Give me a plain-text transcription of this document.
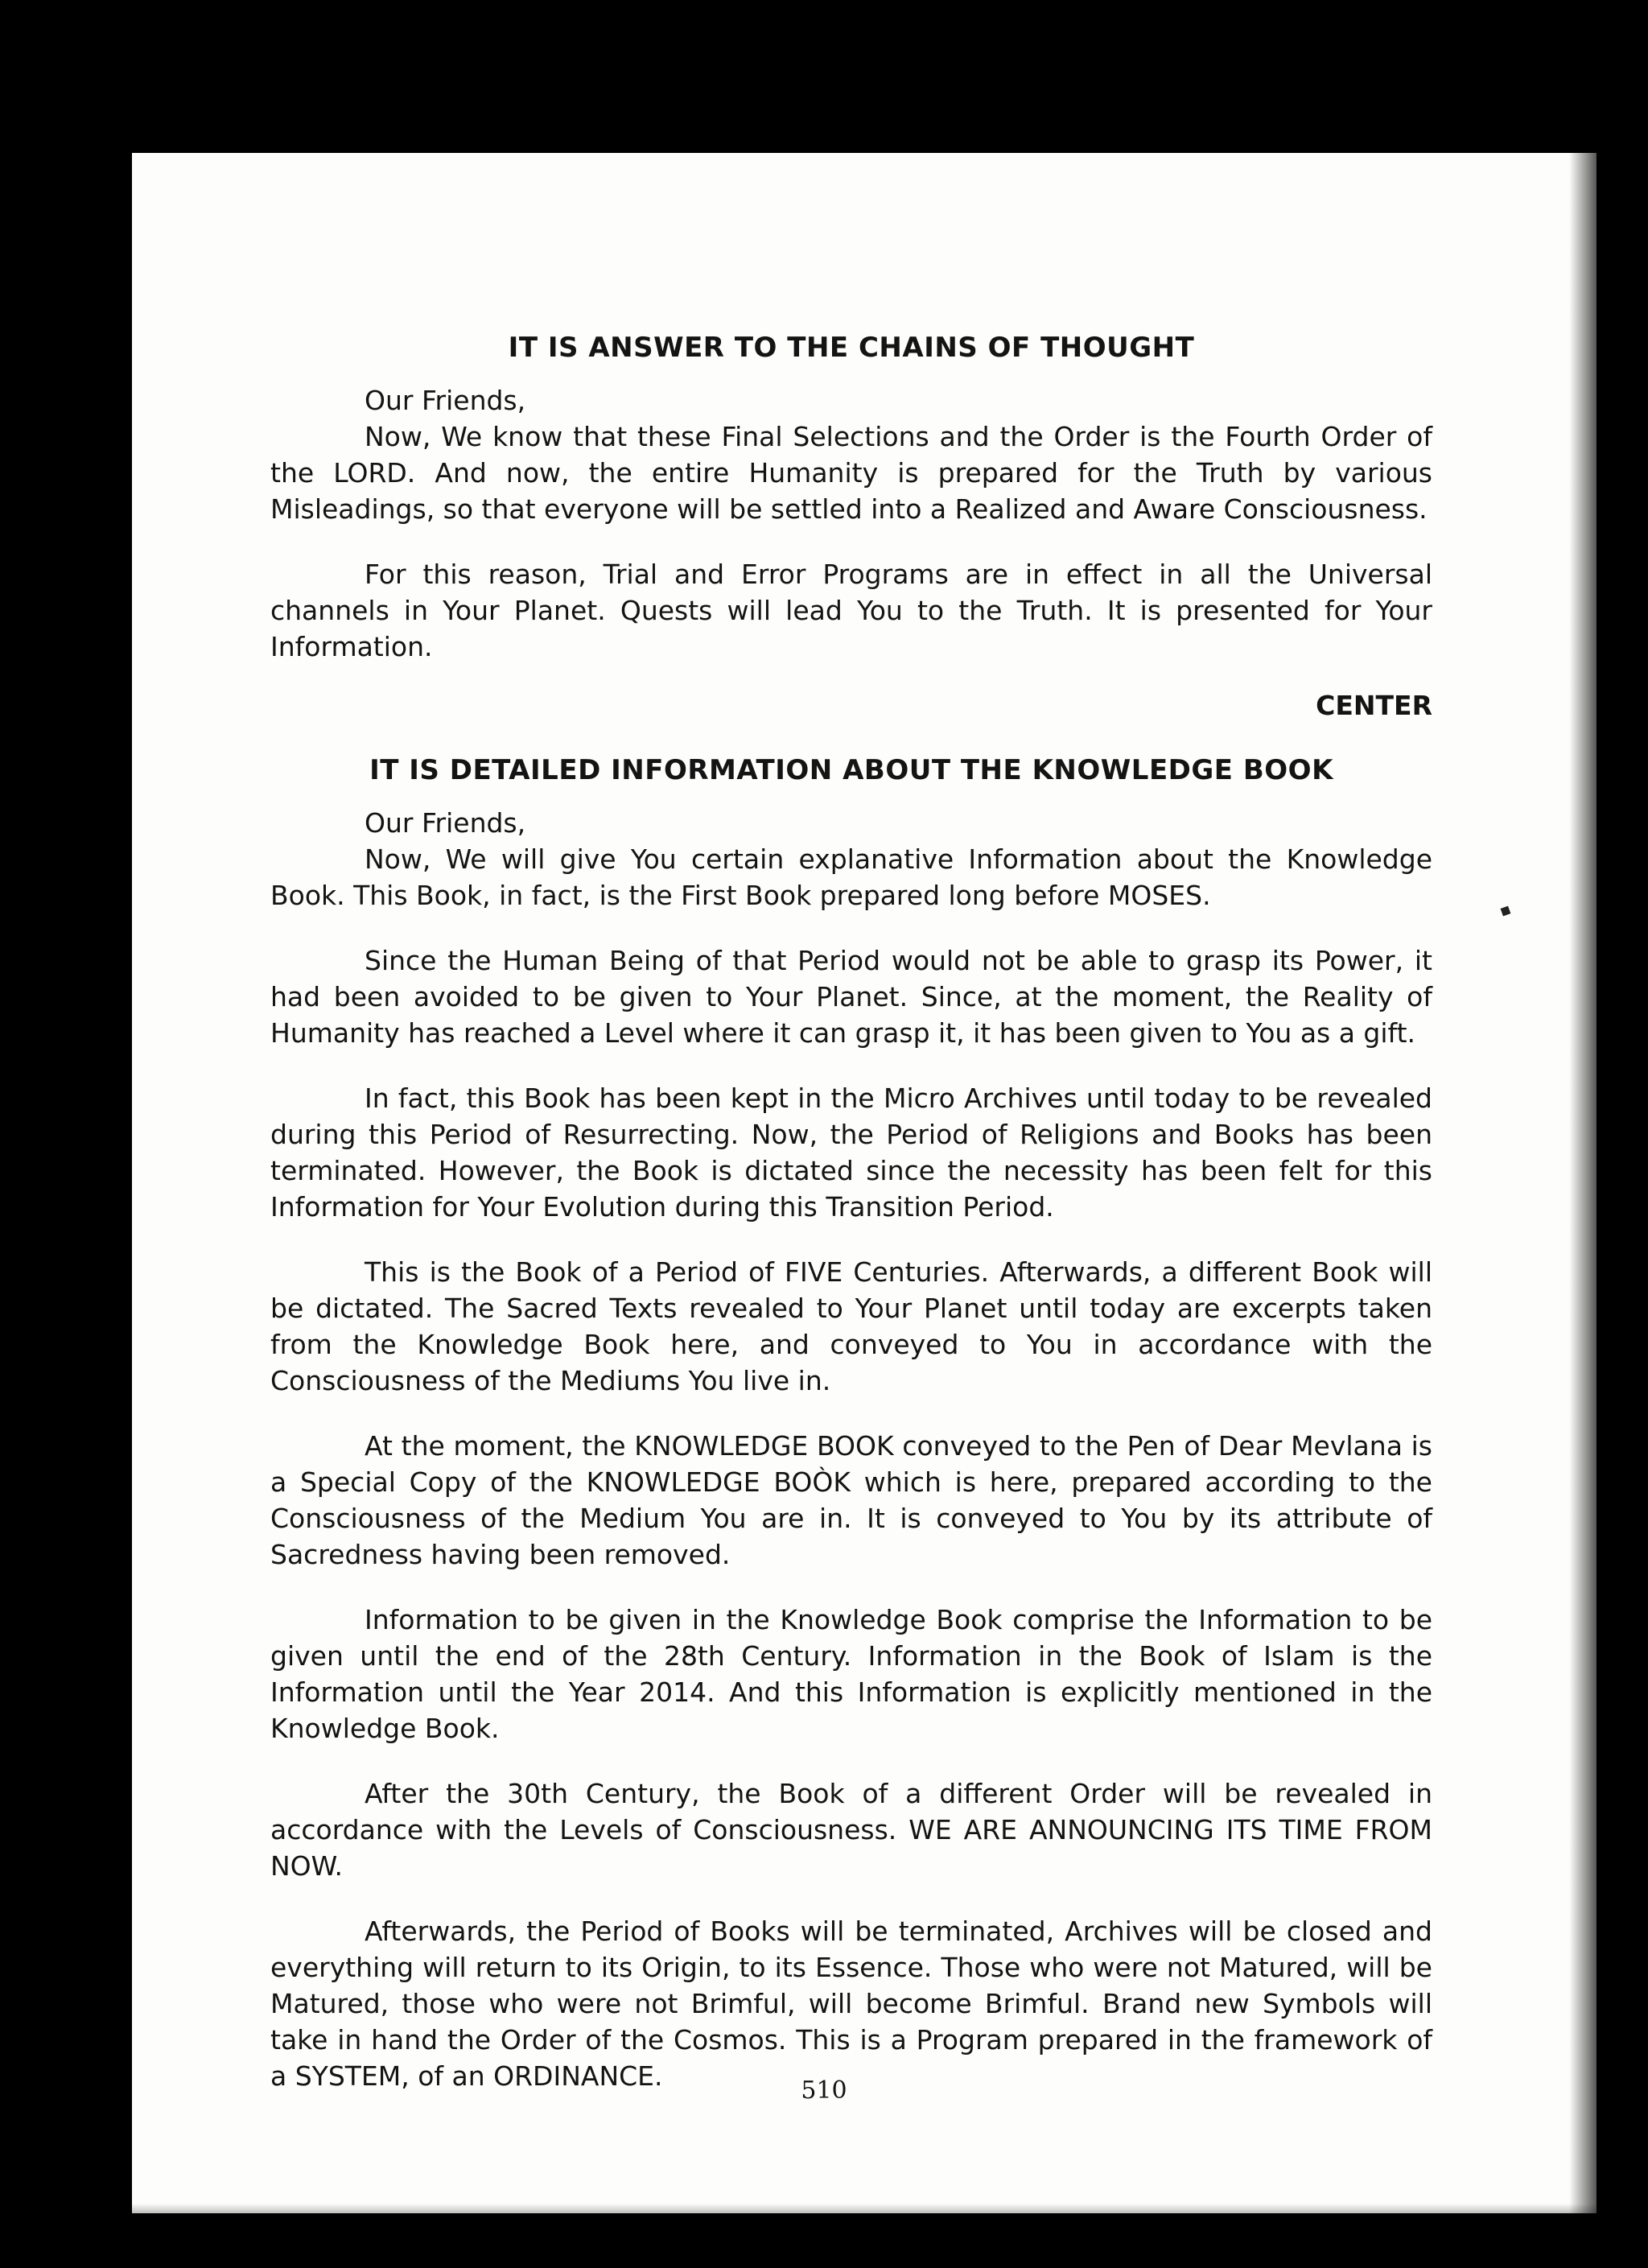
IT IS ANSWER TO THE CHAINS OF THOUGHT
Our Friends,

Now, We know that these Final Selections and the Order is the Fourth Order of the LORD. And now, the entire Humanity is prepared for the Truth by various Misleadings, so that everyone will be settled into a Realized and Aware Consciousness.

For this reason, Trial and Error Programs are in effect in all the Universal channels in Your Planet. Quests will lead You to the Truth. It is presented for Your Information.

CENTER
IT IS DETAILED INFORMATION ABOUT THE KNOWLEDGE BOOK
Our Friends,

Now, We will give You certain explanative Information about the Knowledge Book. This Book, in fact, is the First Book prepared long before MOSES.

Since the Human Being of that Period would not be able to grasp its Power, it had been avoided to be given to Your Planet. Since, at the moment, the Reality of Humanity has reached a Level where it can grasp it, it has been given to You as a gift.

In fact, this Book has been kept in the Micro Archives until today to be revealed during this Period of Resurrecting. Now, the Period of Religions and Books has been terminated. However, the Book is dictated since the necessity has been felt for this Information for Your Evolution during this Transition Period.

This is the Book of a Period of FIVE Centuries. Afterwards, a different Book will be dictated. The Sacred Texts revealed to Your Planet until today are excerpts taken from the Knowledge Book here, and conveyed to You in accordance with the Consciousness of the Mediums You live in.

At the moment, the KNOWLEDGE BOOK conveyed to the Pen of Dear Mevlana is a Special Copy of the KNOWLEDGE BOÒK which is here, prepared according to the Consciousness of the Medium You are in. It is conveyed to You by its attribute of Sacredness having been removed.

Information to be given in the Knowledge Book comprise the Information to be given until the end of the 28th Century. Information in the Book of Islam is the Information until the Year 2014. And this Information is explicitly mentioned in the Knowledge Book.

After the 30th Century, the Book of a different Order will be revealed in accordance with the Levels of Consciousness. WE ARE ANNOUNCING ITS TIME FROM NOW.

Afterwards, the Period of Books will be terminated, Archives will be closed and everything will return to its Origin, to its Essence. Those who were not Matured, will be Matured, those who were not Brimful, will become Brimful. Brand new Symbols will take in hand the Order of the Cosmos. This is a Program prepared in the framework of a SYSTEM, of an ORDINANCE.	510
